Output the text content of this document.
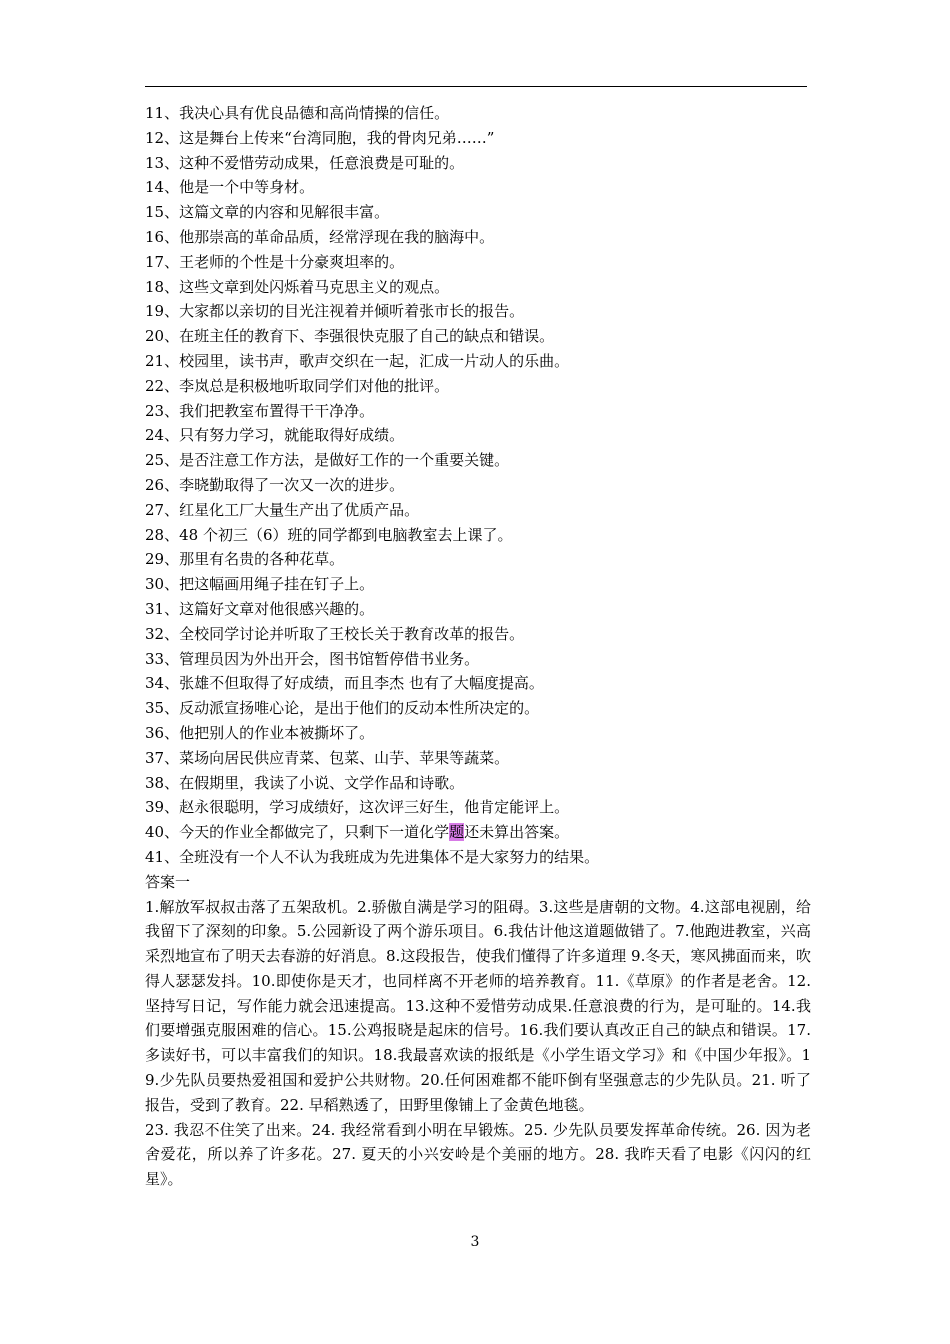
11、我决心具有优良品德和高尚情操的信任。
12、这是舞台上传来“台湾同胞，我的骨肉兄弟……”
13、这种不爱惜劳动成果，任意浪费是可耻的。
14、他是一个中等身材。
15、这篇文章的内容和见解很丰富。
16、他那崇高的革命品质，经常浮现在我的脑海中。
17、王老师的个性是十分豪爽坦率的。
18、这些文章到处闪烁着马克思主义的观点。
19、大家都以亲切的目光注视着并倾听着张市长的报告。
20、在班主任的教育下、李强很快克服了自己的缺点和错误。
21、校园里，读书声，歌声交织在一起，汇成一片动人的乐曲。
22、李岚总是积极地听取同学们对他的批评。
23、我们把教室布置得干干净净。
24、只有努力学习，就能取得好成绩。
25、是否注意工作方法，是做好工作的一个重要关键。
26、李晓勤取得了一次又一次的进步。
27、红星化工厂大量生产出了优质产品。
28、48 个初三（6）班的同学都到电脑教室去上课了。
29、那里有名贵的各种花草。
30、把这幅画用绳子挂在钉子上。
31、这篇好文章对他很感兴趣的。
32、全校同学讨论并听取了王校长关于教育改革的报告。
33、管理员因为外出开会，图书馆暂停借书业务。
34、张雄不但取得了好成绩，而且李杰 也有了大幅度提高。
35、反动派宣扬唯心论，是出于他们的反动本性所决定的。
36、他把别人的作业本被撕坏了。
37、菜场向居民供应青菜、包菜、山芋、苹果等蔬菜。
38、在假期里，我读了小说、文学作品和诗歌。
39、赵永很聪明，学习成绩好，这次评三好生，他肯定能评上。
40、今天的作业全都做完了，只剩下一道化学题还未算出答案。
41、全班没有一个人不认为我班成为先进集体不是大家努力的结果。
答案一
1.解放军叔叔击落了五架敌机。2.骄傲自满是学习的阻碍。3.这些是唐朝的文物。4.这部电视剧，给我留下了深刻的印象。5.公园新设了两个游乐项目。6.我估计他这道题做错了。7.他跑进教室，兴高采烈地宣布了明天去春游的好消息。8.这段报告，使我们懂得了许多道理 9.冬天，寒风拂面而来，吹得人瑟瑟发抖。10.即使你是天才，也同样离不开老师的培养教育。11.《草原》的作者是老舍。12.坚持写日记，写作能力就会迅速提高。13.这种不爱惜劳动成果.任意浪费的行为，是可耻的。14.我们要增强克服困难的信心。15.公鸡报晓是起床的信号。16.我们要认真改正自己的缺点和错误。17.多读好书，可以丰富我们的知识。18.我最喜欢读的报纸是《小学生语文学习》和《中国少年报》。19.少先队员要热爱祖国和爱护公共财物。20.任何困难都不能吓倒有坚强意志的少先队员。21. 听了报告，受到了教育。22. 早稻熟透了，田野里像铺上了金黄色地毯。
23. 我忍不住笑了出来。24. 我经常看到小明在早锻炼。25. 少先队员要发挥革命传统。26. 因为老舍爱花，所以养了许多花。27. 夏天的小兴安岭是个美丽的地方。28. 我昨天看了电影《闪闪的红星》。
3
